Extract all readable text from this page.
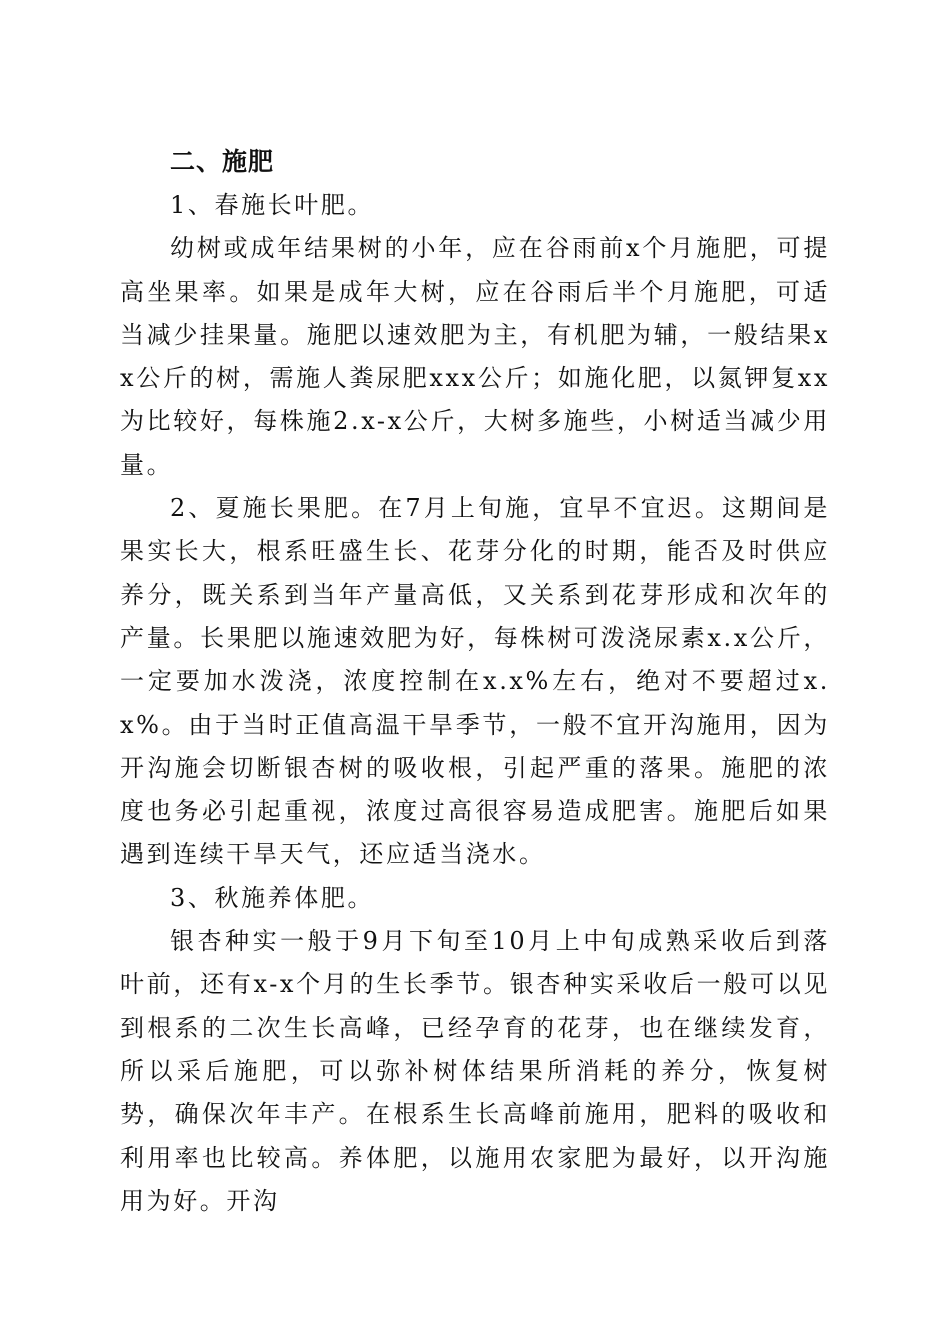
二、施肥

1、春施长叶肥。

幼树或成年结果树的小年，应在谷雨前x个月施肥，可提高坐果率。如果是成年大树，应在谷雨后半个月施肥，可适当减少挂果量。施肥以速效肥为主，有机肥为辅，一般结果xx公斤的树，需施人粪尿肥xxx公斤；如施化肥，以氮钾复xx为比较好，每株施2.x-x公斤，大树多施些，小树适当减少用量。

2、夏施长果肥。在7月上旬施，宜早不宜迟。这期间是果实长大，根系旺盛生长、花芽分化的时期，能否及时供应养分，既关系到当年产量高低，又关系到花芽形成和次年的产量。长果肥以施速效肥为好，每株树可泼浇尿素x.x公斤，一定要加水泼浇，浓度控制在x.x%左右，绝对不要超过x.x%。由于当时正值高温干旱季节，一般不宜开沟施用，因为开沟施会切断银杏树的吸收根，引起严重的落果。施肥的浓度也务必引起重视，浓度过高很容易造成肥害。施肥后如果遇到连续干旱天气，还应适当浇水。

3、秋施养体肥。

银杏种实一般于9月下旬至10月上中旬成熟采收后到落叶前，还有x-x个月的生长季节。银杏种实采收后一般可以见到根系的二次生长高峰，已经孕育的花芽，也在继续发育，所以采后施肥，可以弥补树体结果所消耗的养分，恢复树势，确保次年丰产。在根系生长高峰前施用，肥料的吸收和利用率也比较高。养体肥，以施用农家肥为最好，以开沟施用为好。开沟
